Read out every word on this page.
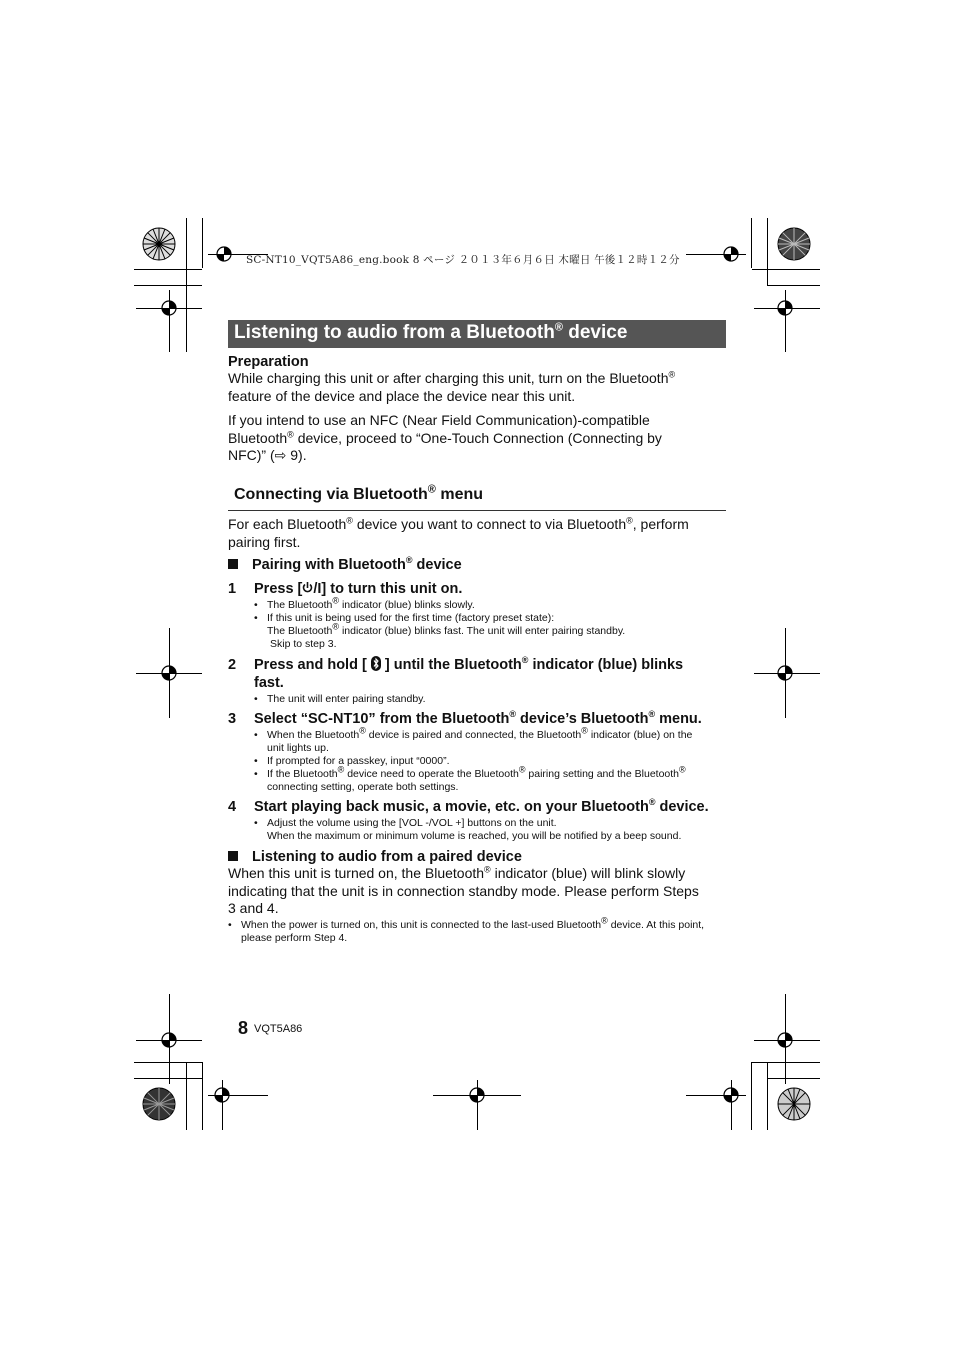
SC-NT10_VQT5A86_eng.book 8 ページ ２０１３年６月６日 木曜日 午後１２時１２分
Listening to audio from a Bluetooth® device
Preparation
While charging this unit or after charging this unit, turn on the Bluetooth®
feature of the device and place the device near this unit.
If you intend to use an NFC (Near Field Communication)-compatible
Bluetooth® device, proceed to “One-Touch Connection (Connecting by
NFC)” (⇨ 9).
Connecting via Bluetooth® menu
For each Bluetooth® device you want to connect to via Bluetooth®, perform
pairing first.
Pairing with Bluetooth® device
1 Press [ /I] to turn this unit on.
• The Bluetooth® indicator (blue) blinks slowly.
• If this unit is being used for the first time (factory preset state):
The Bluetooth® indicator (blue) blinks fast. The unit will enter pairing standby.
Skip to step 3.
2 Press and hold [  ] until the Bluetooth® indicator (blue) blinks
fast.
• The unit will enter pairing standby.
3 Select “SC-NT10” from the Bluetooth® device’s Bluetooth® menu.
• When the Bluetooth® device is paired and connected, the Bluetooth® indicator (blue) on the
unit lights up.
• If prompted for a passkey, input “0000”.
• If the Bluetooth® device need to operate the Bluetooth® pairing setting and the Bluetooth®
connecting setting, operate both settings.
4 Start playing back music, a movie, etc. on your Bluetooth® device.
• Adjust the volume using the [VOL -/VOL +] buttons on the unit.
When the maximum or minimum volume is reached, you will be notified by a beep sound.
Listening to audio from a paired device
When this unit is turned on, the Bluetooth® indicator (blue) will blink slowly
indicating that the unit is in connection standby mode. Please perform Steps
3 and 4.
• When the power is turned on, this unit is connected to the last-used Bluetooth® device. At this point,
please perform Step 4.
8 VQT5A86
